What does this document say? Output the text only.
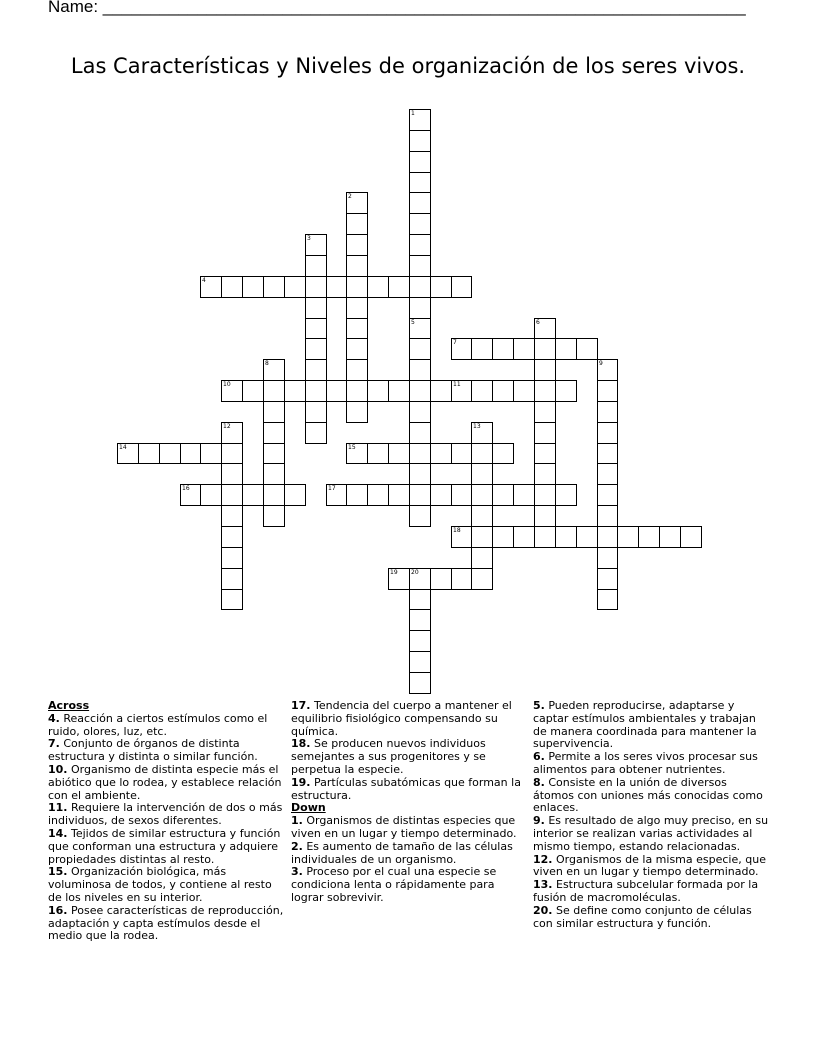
Name: ____________________________________________________________________
Las Características y Niveles de organización de los seres vivos.
1
5
2
3
4
6
7
8	9
10	11
12	13
14	15
16	17
18
19 20

Across

4. Reacción a ciertos estímulos como el ruido, olores, luz, etc.

7. Conjunto de órganos de distinta estructura y distinta o similar función.

10. Organismo de distinta especie más el abiótico que lo rodea, y establece relación con el ambiente.

11. Requiere la intervención de dos o más individuos, de sexos diferentes.

14. Tejidos de similar estructura y función que conforman una estructura y adquiere propiedades distintas al resto.

15. Organización biológica, más voluminosa de todos, y contiene al resto de los niveles en su interior.

16. Posee características de reproducción, adaptación y capta estímulos desde el medio que la rodea.

17. Tendencia del cuerpo a mantener el equilibrio fisiológico compensando su química.

18. Se producen nuevos individuos semejantes a sus progenitores y se perpetua la especie.

19. Partículas subatómicas que forman la estructura.

Down

1. Organismos de distintas especies que viven en un lugar y tiempo determinado.

2. Es aumento de tamaño de las células individuales de un organismo.

3. Proceso por el cual una especie se condiciona lenta o rápidamente para lograr sobrevivir.

5. Pueden reproducirse, adaptarse y captar estímulos ambientales y trabajan de manera coordinada para mantener la supervivencia.

6. Permite a los seres vivos procesar sus alimentos para obtener nutrientes.

8. Consiste en la unión de diversos átomos con uniones más conocidas como enlaces.

9. Es resultado de algo muy preciso, en su interior se realizan varias actividades al mismo tiempo, estando relacionadas.

12. Organismos de la misma especie, que viven en un lugar y tiempo determinado.

13. Estructura subcelular formada por la fusión de macromoléculas.

20. Se define como conjunto de células con similar estructura y función.
